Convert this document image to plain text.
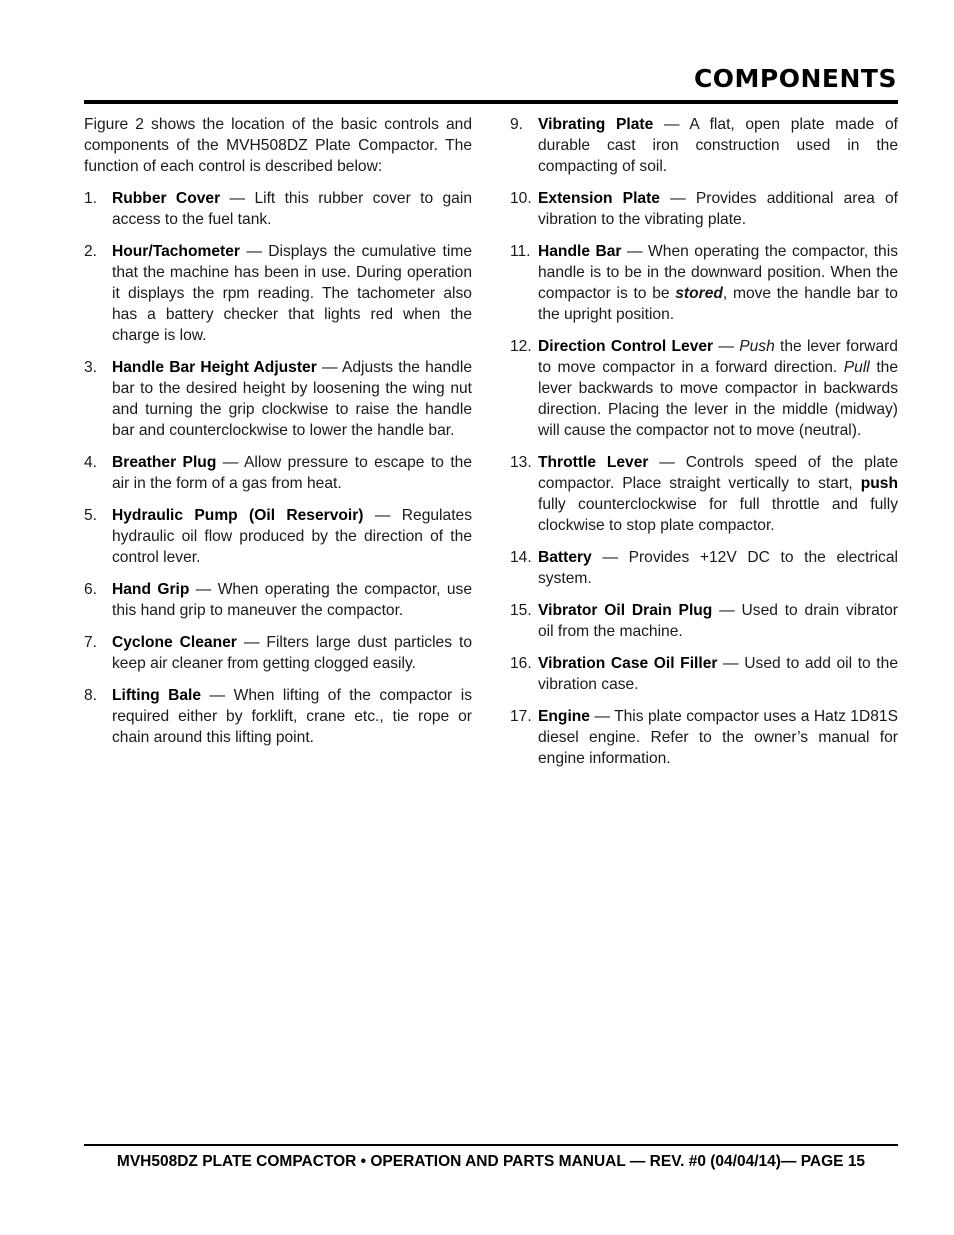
COMPONENTS

Figure 2 shows the location of the basic controls and components of the MVH508DZ Plate Compactor. The function of each control is described below:

1. Rubber Cover — Lift this rubber cover to gain access to the fuel tank.
2. Hour/Tachometer — Displays the cumulative time that the machine has been in use. During operation it displays the rpm reading. The tachometer also has a battery checker that lights red when the charge is low.
3. Handle Bar Height Adjuster — Adjusts the handle bar to the desired height by loosening the wing nut and turning the grip clockwise to raise the handle bar and counterclockwise to lower the handle bar.
4. Breather Plug — Allow pressure to escape to the air in the form of a gas from heat.
5. Hydraulic Pump (Oil Reservoir) — Regulates hydraulic oil flow produced by the direction of the control lever.
6. Hand Grip — When operating the compactor, use this hand grip to maneuver the compactor.
7. Cyclone Cleaner — Filters large dust particles to keep air cleaner from getting clogged easily.
8. Lifting Bale — When lifting of the compactor is required either by forklift, crane etc., tie rope or chain around this lifting point.
9. Vibrating Plate — A flat, open plate made of durable cast iron construction used in the compacting of soil.
10. Extension Plate — Provides additional area of vibration to the vibrating plate.
11. Handle Bar — When operating the compactor, this handle is to be in the downward position. When the compactor is to be stored, move the handle bar to the upright position.
12. Direction Control Lever — Push the lever forward to move compactor in a forward direction. Pull the lever backwards to move compactor in backwards direction. Placing the lever in the middle (midway) will cause the compactor not to move (neutral).
13. Throttle Lever — Controls speed of the plate compactor. Place straight vertically to start, push fully counterclockwise for full throttle and fully clockwise to stop plate compactor.
14. Battery — Provides +12V DC to the electrical system.
15. Vibrator Oil Drain Plug — Used to drain vibrator oil from the machine.
16. Vibration Case Oil Filler — Used to add oil to the vibration case.
17. Engine — This plate compactor uses a Hatz 1D81S diesel engine. Refer to the owner’s manual for engine information.
MVH508DZ PLATE COMPACTOR • OPERATION AND PARTS MANUAL — REV. #0 (04/04/14)— PAGE 15
